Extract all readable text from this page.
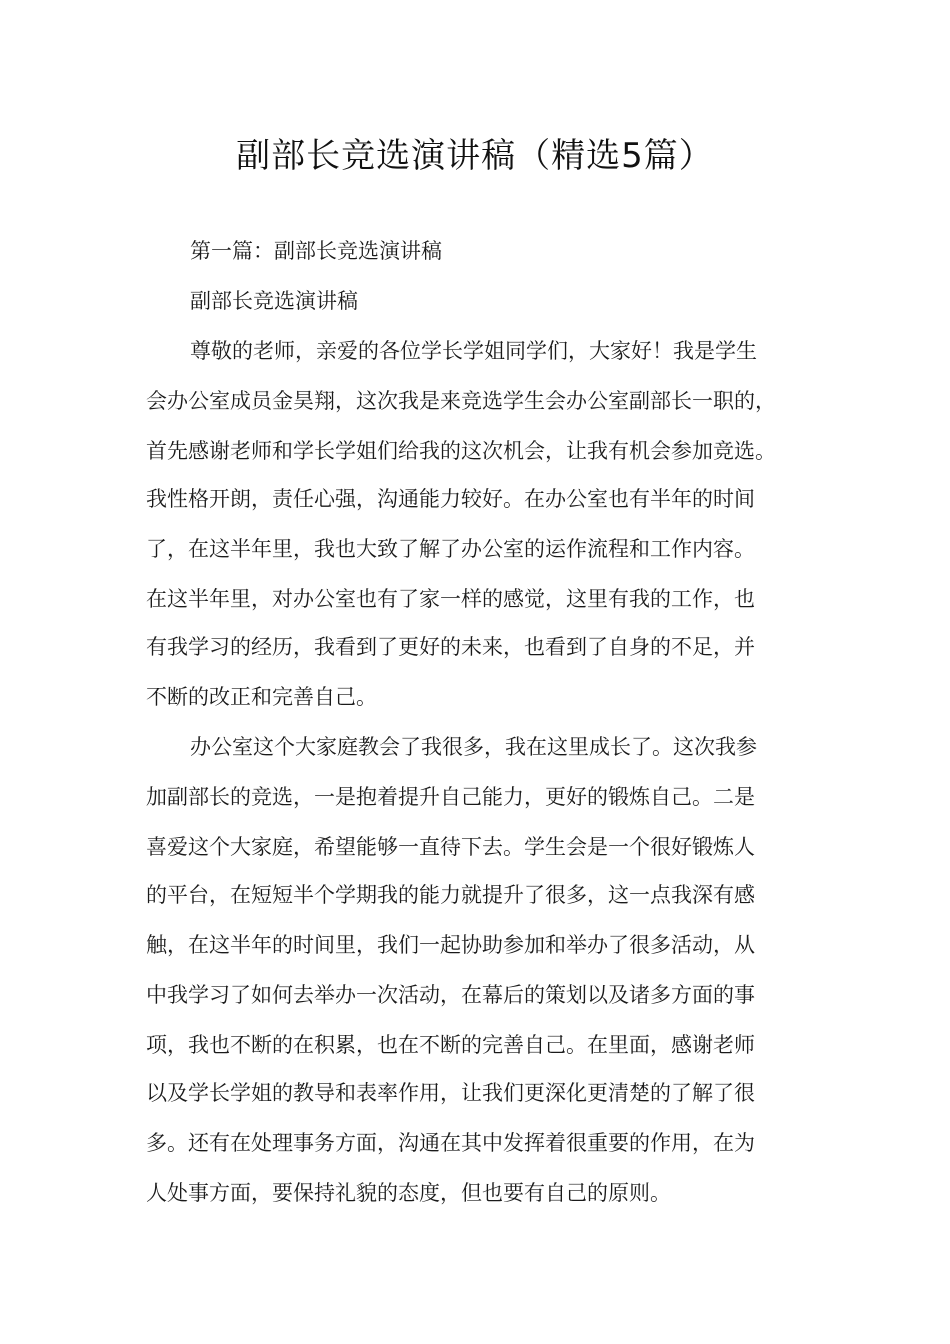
副部长竞选演讲稿（精选5篇）
第一篇：副部长竞选演讲稿
副部长竞选演讲稿
尊敬的老师，亲爱的各位学长学姐同学们，大家好！我是学生
会办公室成员金昊翔，这次我是来竞选学生会办公室副部长一职的，
首先感谢老师和学长学姐们给我的这次机会，让我有机会参加竞选。
我性格开朗，责任心强，沟通能力较好。在办公室也有半年的时间
了，在这半年里，我也大致了解了办公室的运作流程和工作内容。
在这半年里，对办公室也有了家一样的感觉，这里有我的工作，也
有我学习的经历，我看到了更好的未来，也看到了自身的不足，并
不断的改正和完善自己。
办公室这个大家庭教会了我很多，我在这里成长了。这次我参
加副部长的竞选，一是抱着提升自己能力，更好的锻炼自己。二是
喜爱这个大家庭，希望能够一直待下去。学生会是一个很好锻炼人
的平台，在短短半个学期我的能力就提升了很多，这一点我深有感
触，在这半年的时间里，我们一起协助参加和举办了很多活动，从
中我学习了如何去举办一次活动，在幕后的策划以及诸多方面的事
项，我也不断的在积累，也在不断的完善自己。在里面，感谢老师
以及学长学姐的教导和表率作用，让我们更深化更清楚的了解了很
多。还有在处理事务方面，沟通在其中发挥着很重要的作用，在为
人处事方面，要保持礼貌的态度，但也要有自己的原则。
